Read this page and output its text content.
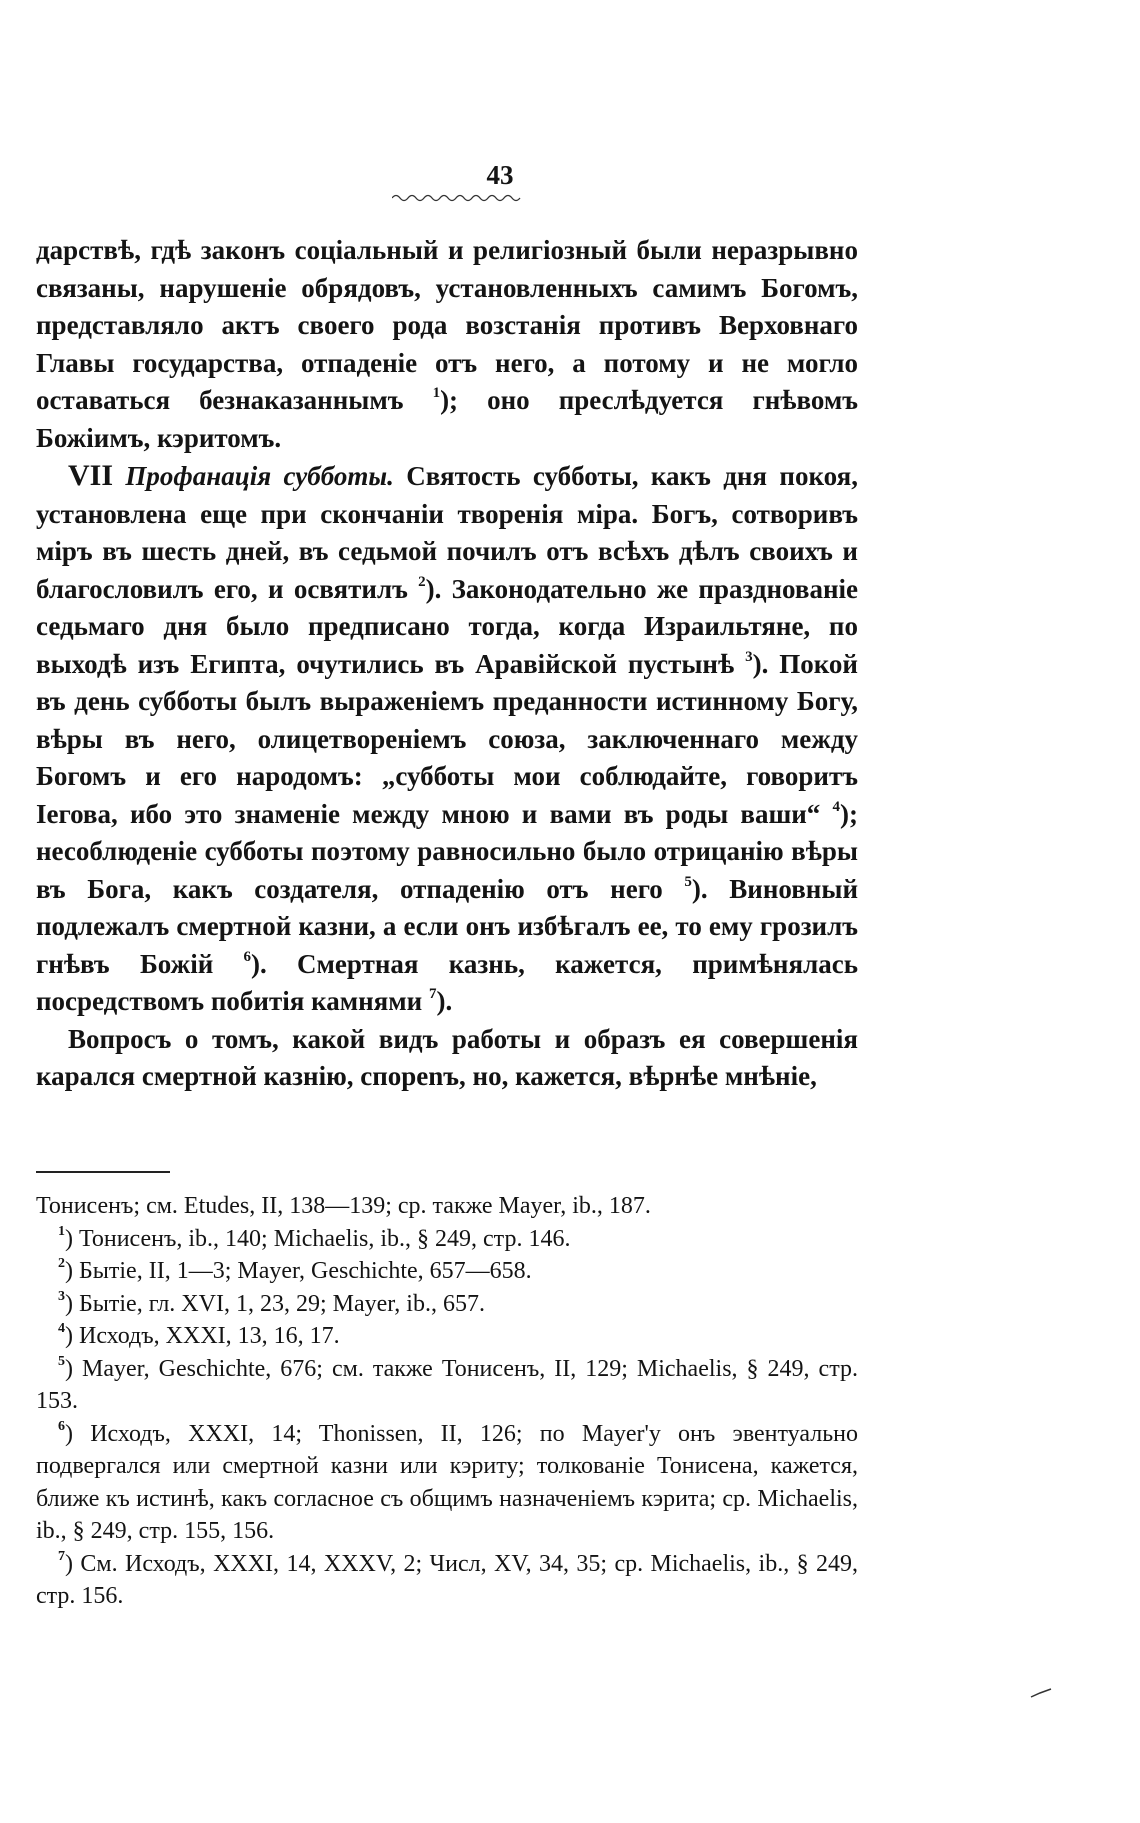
43

дарствѣ, гдѣ законъ соціальный и религіозный были неразрывно связаны, нарушеніе обрядовъ, установленныхъ самимъ Богомъ, представляло актъ своего рода возстанія противъ Верховнаго Главы государства, отпаденіе отъ него, а потому и не могло оставаться безнаказаннымъ $^1$); оно преслѣдуется гнѣвомъ Божіимъ, кэритомъ.

VII Профанація субботы. Святость субботы, какъ дня покоя, установлена еще при скончаніи творенія міра. Богъ, сотворивъ міръ въ шесть дней, въ седьмой почилъ отъ всѣхъ дѣлъ своихъ и благословилъ его, и освятилъ $^2$). Законодательно же празднованіе седьмаго дня было предписано тогда, когда Израильтяне, по выходѣ изъ Египта, очутились въ Аравійской пустынѣ $^3$). Покой въ день субботы былъ выраженіемъ преданности истинному Богу, вѣры въ него, олицетвореніемъ союза, заключеннаго между Богомъ и его народомъ: „субботы мои соблюдайте, говоритъ Іегова, ибо это знаменіе между мною и вами въ роды ваши“ $^4$); несоблюденіе субботы поэтому равносильно было отрицанію вѣры въ Бога, какъ создателя, отпаденію отъ него $^5$). Виновный подлежалъ смертной казни, а если онъ избѣгалъ ее, то ему грозилъ гнѣвъ Божій $^6$). Смертная казнь, кажется, примѣнялась посредствомъ побитія камнями $^7$).

Вопросъ о томъ, какой видъ работы и образъ ея совершенія карался смертной казнію, спорenъ, но, кажется, вѣрнѣе мнѣніе,

Тонисенъ; см. Etudes, II, 138—139; ср. также Mayer, ib., 187.

$^1$) Тонисенъ, ib., 140; Michaelis, ib., § 249, стр. 146.

$^2$) Бытіе, II, 1—3; Mayer, Geschichte, 657—658.

$^3$) Бытіе, гл. XVI, 1, 23, 29; Mayer, ib., 657.

$^4$) Исходъ, XXXI, 13, 16, 17.

$^5$) Mayer, Geschichte, 676; см. также Тонисенъ, II, 129; Michaelis, § 249, стр. 153.

$^6$) Исходъ, XXXI, 14; Thonissen, II, 126; по Mayer'у онъ эвентуально подвергался или смертной казни или кэриту; толкованіе Тонисена, кажется, ближе къ истинѣ, какъ согласное съ общимъ назначеніемъ кэрита; ср. Michaelis, ib., § 249, стр. 155, 156.

$^7$) См. Исходъ, XXXI, 14, XXXV, 2; Числ, XV, 34, 35; ср. Michaelis, ib., § 249, стр. 156.
